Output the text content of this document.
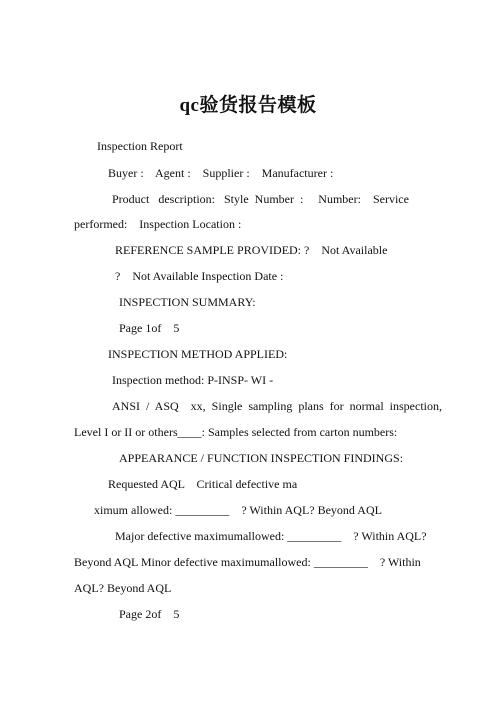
qc验货报告模板
Inspection Report
Buyer :    Agent :    Supplier :    Manufacturer :
Product   description:   Style  Number  :     Number:    Service
performed:    Inspection Location :
REFERENCE SAMPLE PROVIDED: ?    Not Available
?    Not Available Inspection Date :
INSPECTION SUMMARY:
Page 1of    5
INSPECTION METHOD APPLIED:
Inspection method: P-INSP- WI -
ANSI  /  ASQ    xx,  Single  sampling  plans  for  normal  inspection,
Level I or II or others____: Samples selected from carton numbers:
APPEARANCE / FUNCTION INSPECTION FINDINGS:
Requested AQL    Critical defective ma
ximum allowed: _________    ? Within AQL? Beyond AQL
Major defective maximumallowed: _________    ? Within AQL?
Beyond AQL Minor defective maximumallowed: _________    ? Within
AQL? Beyond AQL
Page 2of    5
